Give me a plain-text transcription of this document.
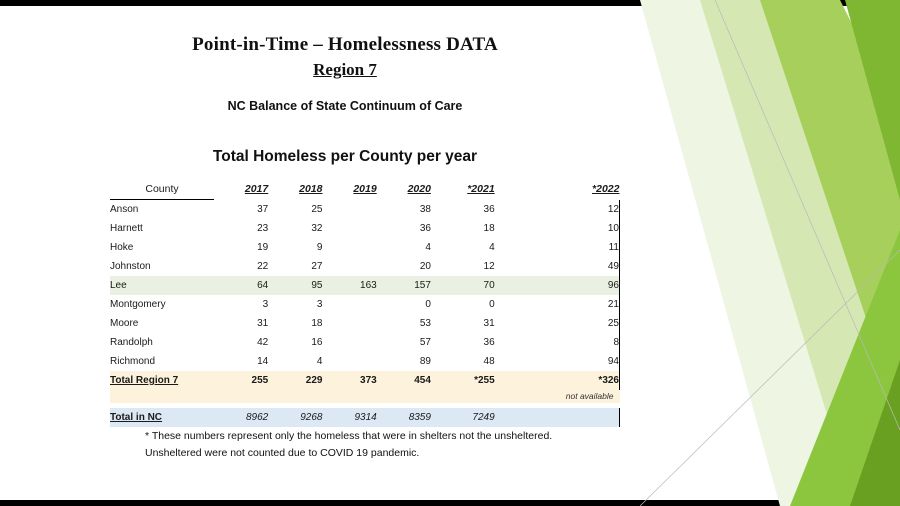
Point-in-Time – Homelessness DATA
Region 7
NC Balance of State Continuum of Care
Total Homeless per County per year
County	2017	2018	2019	2020	*2021	*2022
Anson	37	25		38	36	12
Harnett	23	32		36	18	10
Hoke	19	9		4	4	11
Johnston	22	27		20	12	49
Lee	64	95	163	157	70	96
Montgomery	3	3		0	0	21
Moore	31	18		53	31	25
Randolph	42	16		57	36	8
Richmond	14	4		89	48	94
Total Region 7	255	229	373	454	*255	*326
						not available

Total in NC	8962	9268	9314	8359	7249	
* These numbers represent only the homeless that were in shelters not the unsheltered.
Unsheltered were not counted due to COVID 19 pandemic.
